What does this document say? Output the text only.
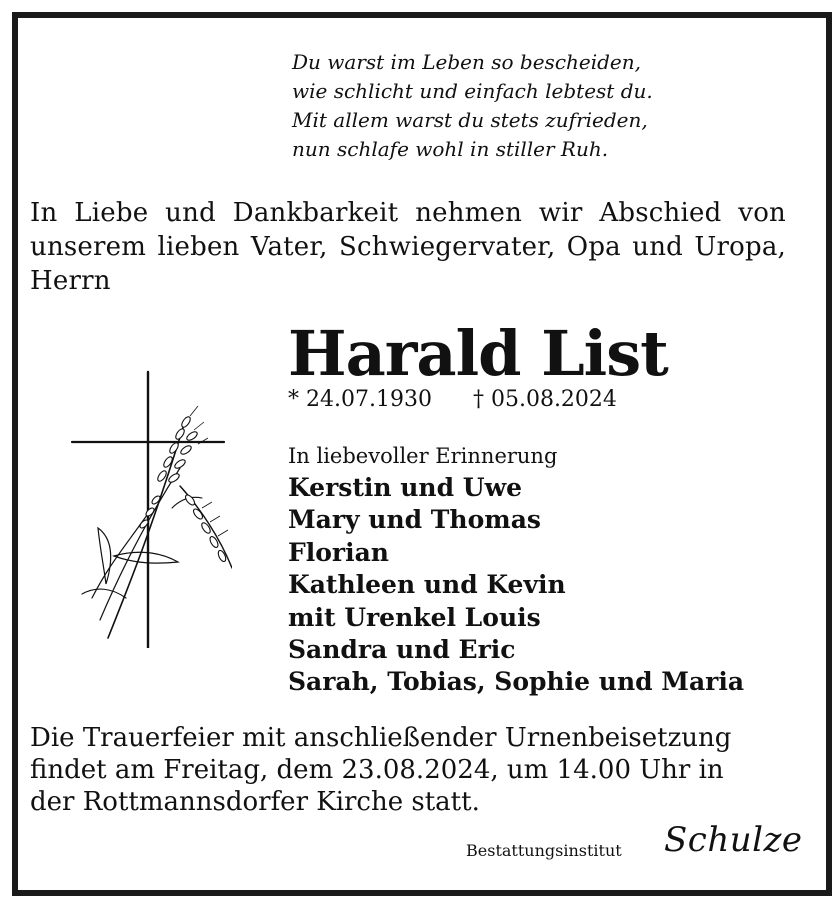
Du warst im Leben so bescheiden,
wie schlicht und einfach lebtest du.
Mit allem warst du stets zufrieden,
nun schlafe wohl in stiller Ruh.
In Liebe und Dankbarkeit nehmen wir Abschied von unserem lieben Vater, Schwiegervater, Opa und Uropa, Herrn
Harald List
* 24.07.1930 † 05.08.2024
In liebevoller Erinnerung
Kerstin und Uwe
Mary und Thomas
Florian
Kathleen und Kevin
mit Urenkel Louis
Sandra und Eric
Sarah, Tobias, Sophie und Maria
Die Trauerfeier mit anschließender Urnenbeisetzung
findet am Freitag, dem 23.08.2024, um 14.00 Uhr in
der Rottmannsdorfer Kirche statt.
Bestattungsinstitut Schulze
